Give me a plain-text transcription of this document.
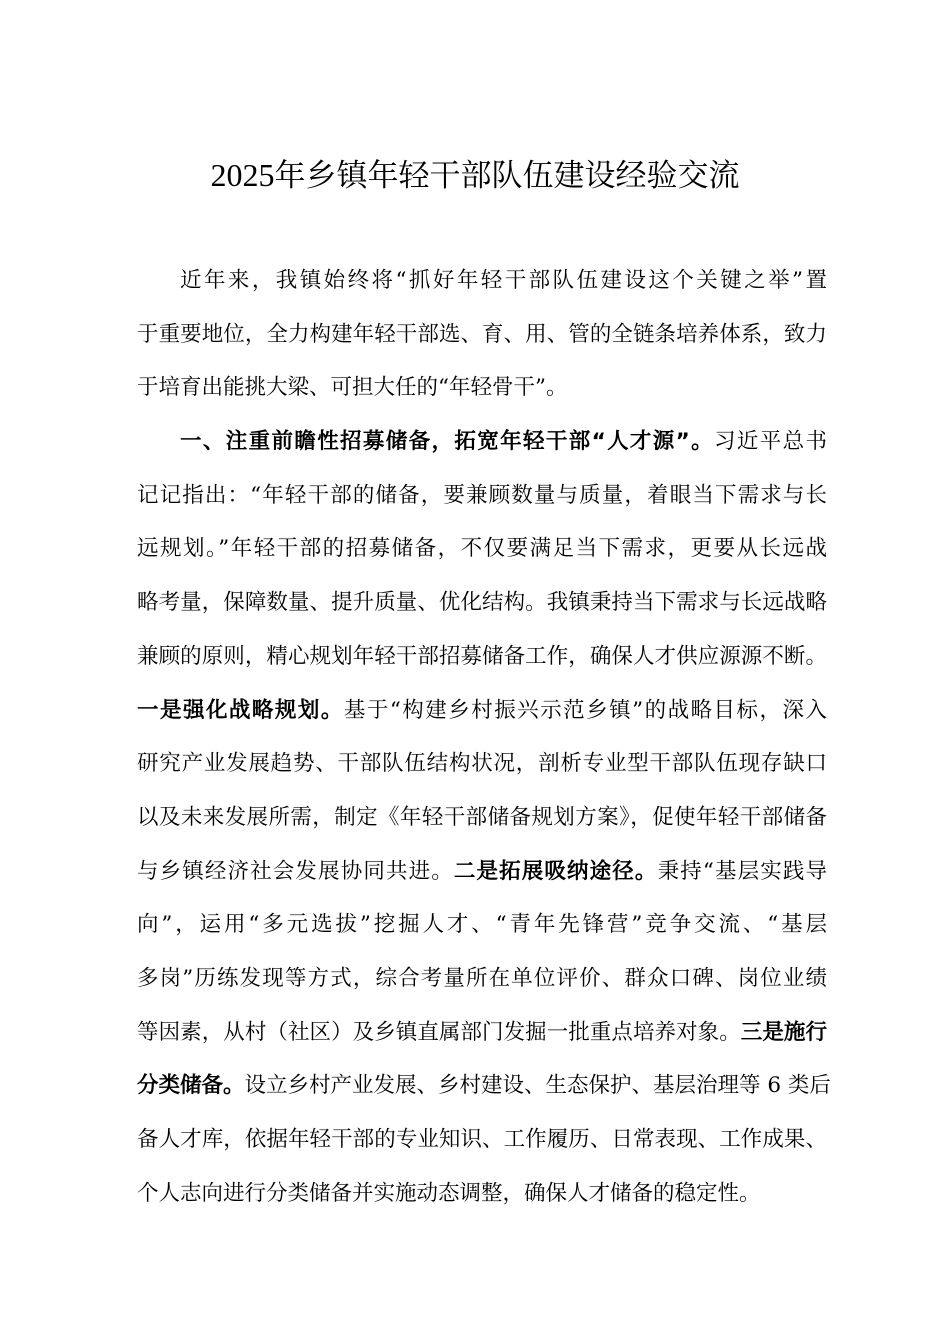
2025年乡镇年轻干部队伍建设经验交流
近年来，我镇始终将“抓好年轻干部队伍建设这个关键之举”置
于重要地位，全力构建年轻干部选、育、用、管的全链条培养体系，致力
于培育出能挑大梁、可担大任的“年轻骨干”。
一、注重前瞻性招募储备，拓宽年轻干部“人才源”。习近平总书
记记指出：“年轻干部的储备，要兼顾数量与质量，着眼当下需求与长
远规划。”年轻干部的招募储备，不仅要满足当下需求，更要从长远战
略考量，保障数量、提升质量、优化结构。我镇秉持当下需求与长远战略
兼顾的原则，精心规划年轻干部招募储备工作，确保人才供应源源不断。
一是强化战略规划。基于“构建乡村振兴示范乡镇”的战略目标，深入
研究产业发展趋势、干部队伍结构状况，剖析专业型干部队伍现存缺口
以及未来发展所需，制定《年轻干部储备规划方案》，促使年轻干部储备
与乡镇经济社会发展协同共进。二是拓展吸纳途径。秉持“基层实践导
向”，运用“多元选拔”挖掘人才、“青年先锋营”竞争交流、“基层
多岗”历练发现等方式，综合考量所在单位评价、群众口碑、岗位业绩
等因素，从村（社区）及乡镇直属部门发掘一批重点培养对象。三是施行
分类储备。设立乡村产业发展、乡村建设、生态保护、基层治理等 6 类后
备人才库，依据年轻干部的专业知识、工作履历、日常表现、工作成果、
个人志向进行分类储备并实施动态调整，确保人才储备的稳定性。
